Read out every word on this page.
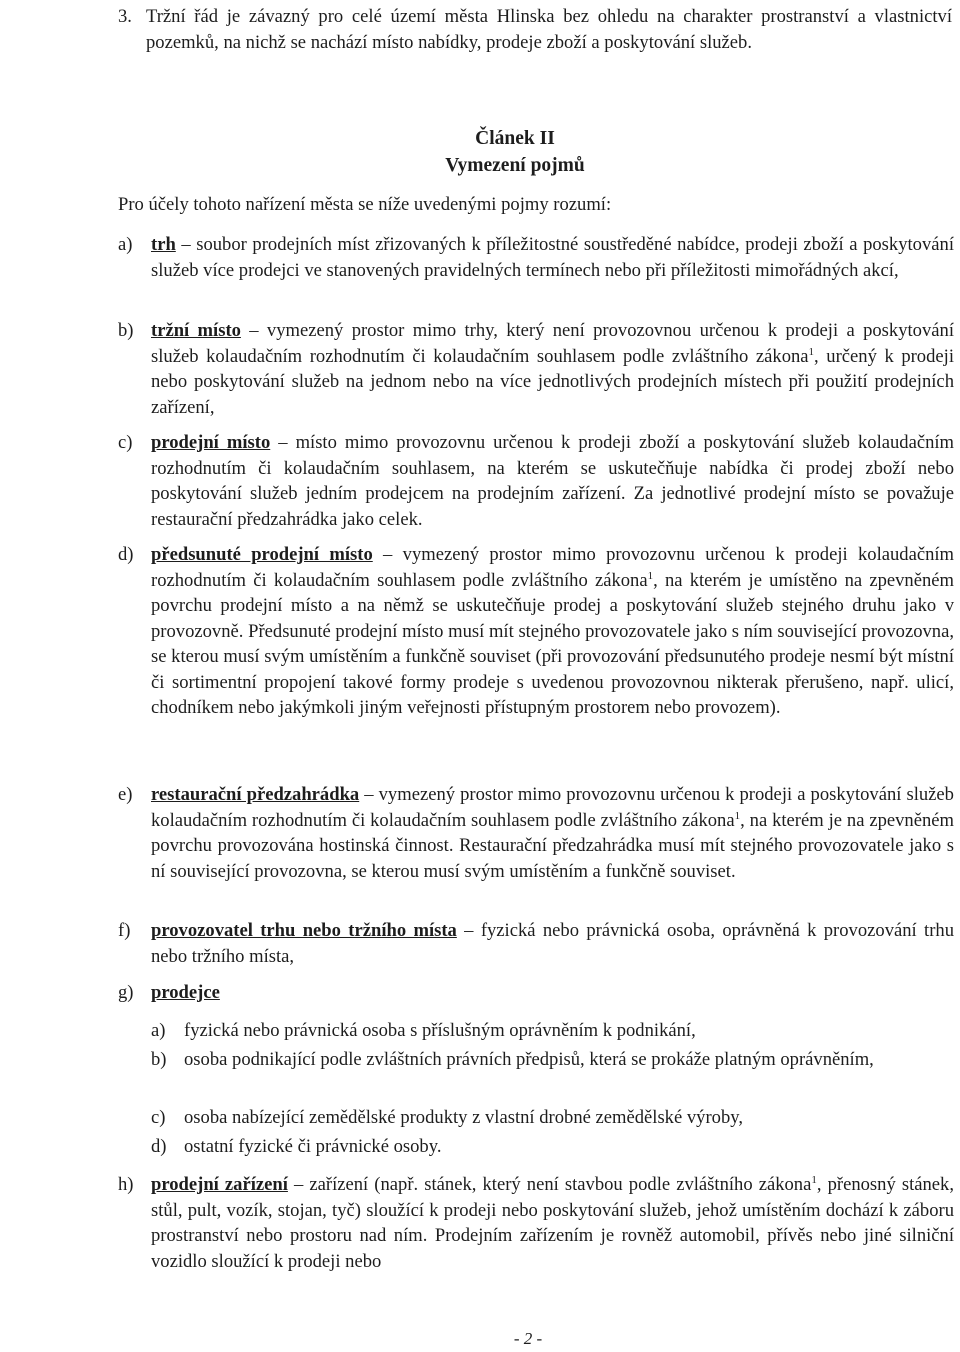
3. Tržní řád je závazný pro celé území města Hlinska bez ohledu na charakter prostranství a vlastnictví pozemků, na nichž se nachází místo nabídky, prodeje zboží a poskytování služeb.
Článek II
Vymezení pojmů
Pro účely tohoto nařízení města se níže uvedenými pojmy rozumí:
a) trh – soubor prodejních míst zřizovaných k příležitostné soustředěné nabídce, prodeji zboží a poskytování služeb více prodejci ve stanovených pravidelných termínech nebo při příležitosti mimořádných akcí,
b) tržní místo – vymezený prostor mimo trhy, který není provozovnou určenou k prodeji a poskytování služeb kolaudačním rozhodnutím či kolaudačním souhlasem podle zvláštního zákona$^1$, určený k prodeji nebo poskytování služeb na jednom nebo na více jednotlivých prodejních místech při použití prodejních zařízení,
c) prodejní místo – místo mimo provozovnu určenou k prodeji zboží a poskytování služeb kolaudačním rozhodnutím či kolaudačním souhlasem, na kterém se uskutečňuje nabídka či prodej zboží nebo poskytování služeb jedním prodejcem na prodejním zařízení. Za jednotlivé prodejní místo se považuje restaurační předzahrádka jako celek.
d) předsunuté prodejní místo – vymezený prostor mimo provozovnu určenou k prodeji kolaudačním rozhodnutím či kolaudačním souhlasem podle zvláštního zákona$^1$, na kterém je umístěno na zpevněném povrchu prodejní místo a na němž se uskutečňuje prodej a poskytování služeb stejného druhu jako v provozovně. Předsunuté prodejní místo musí mít stejného provozovatele jako s ním související provozovna, se kterou musí svým umístěním a funkčně souviset (při provozování předsunutého prodeje nesmí být místní či sortimentní propojení takové formy prodeje s uvedenou provozovnou nikterak přerušeno, např. ulicí, chodníkem nebo jakýmkoli jiným veřejnosti přístupným prostorem nebo provozem).
e) restaurační předzahrádka – vymezený prostor mimo provozovnu určenou k prodeji a poskytování služeb kolaudačním rozhodnutím či kolaudačním souhlasem podle zvláštního zákona$^1$, na kterém je na zpevněném povrchu provozována hostinská činnost. Restaurační předzahrádka musí mít stejného provozovatele jako s ní související provozovna, se kterou musí svým umístěním a funkčně souviset.
f)	provozovatel trhu nebo tržního místa – fyzická nebo právnická osoba, oprávněná k provozování trhu nebo tržního místa,
g) prodejce
a) fyzická nebo právnická osoba s příslušným oprávněním k podnikání,
b) osoba podnikající podle zvláštních právních předpisů, která se prokáže platným oprávněním,
c) osoba nabízející zemědělské produkty z vlastní drobné zemědělské výroby,
d) ostatní fyzické či právnické osoby.
h) prodejní zařízení – zařízení (např. stánek, který není stavbou podle zvláštního zákona$^1$, přenosný stánek, stůl, pult, vozík, stojan, tyč) sloužící k prodeji nebo poskytování služeb, jehož umístěním dochází k záboru prostranství nebo prostoru nad ním. Prodejním zařízením je rovněž automobil, přívěs nebo jiné silniční vozidlo sloužící k prodeji nebo
- 2 -
